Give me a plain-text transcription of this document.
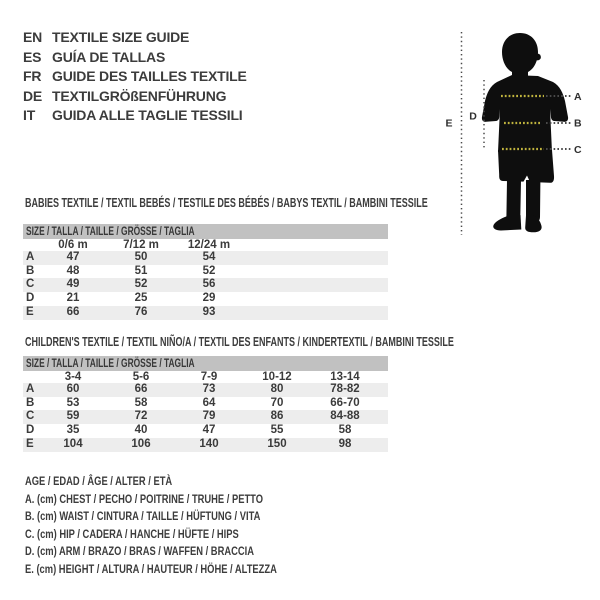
EN TEXTILE SIZE GUIDE
ES GUÍA DE TALLAS
FR GUIDE DES TAILLES TEXTILE
DE TEXTILGRÖßENFÜHRUNG
IT	GUIDA ALLE TAGLIE TESSILI
A
B
C
D
E
BABIES TEXTILE / TEXTIL BEBÉS / TESTILE DES BÉBÉS / BABYS TEXTIL / BAMBINI TESSILE
SIZE / TALLA / TAILLE / GRÖSSE / TAGLIA				
	0/6 m	7/12 m	12/24 m	
A	47	50	54	
B	48	51	52	
C	49	52	56	
D	21	25	29	
E	66	76	93	
CHILDREN'S TEXTILE / TEXTIL NIÑO/A / TEXTIL DES ENFANTS / KINDERTEXTIL / BAMBINI TESSILE
SIZE / TALLA / TAILLE / GRÖSSE / TAGLIA						
	3-4	5-6	7-9	10-12	13-14	
A	60	66	73	80	78-82	
B	53	58	64	70	66-70	
C	59	72	79	86	84-88	
D	35	40	47	55	58	
E	104	106	140	150	98	
AGE / EDAD / ÂGE / ALTER / ETÀ
A. (cm) CHEST / PECHO / POITRINE / TRUHE / PETTO
B. (cm) WAIST / CINTURA / TAILLE / HÜFTUNG / VITA
C. (cm) HIP / CADERA / HANCHE / HÜFTE / HIPS
D. (cm) ARM / BRAZO / BRAS / WAFFEN / BRACCIA
E. (cm) HEIGHT / ALTURA / HAUTEUR / HÖHE / ALTEZZA
